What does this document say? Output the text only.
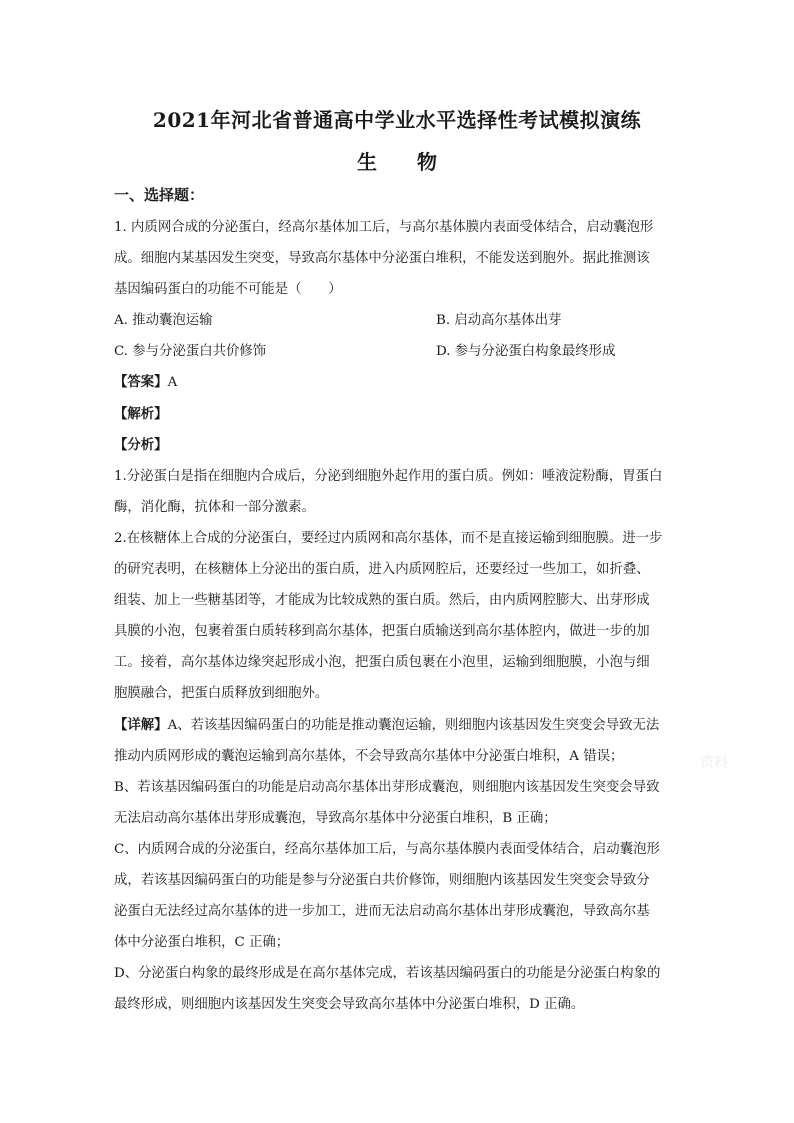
2021年河北省普通高中学业水平选择性考试模拟演练
生　　物
一、选择题：

1. 内质网合成的分泌蛋白，经高尔基体加工后，与高尔基体膜内表面受体结合，启动囊泡形

成。细胞内某基因发生突变，导致高尔基体中分泌蛋白堆积，不能发送到胞外。据此推测该

基因编码蛋白的功能不可能是（　　）

A. 推动囊泡运输	B. 启动高尔基体出芽
C. 参与分泌蛋白共价修饰	D. 参与分泌蛋白构象最终形成

【答案】A

【解析】

【分析】

1.分泌蛋白是指在细胞内合成后，分泌到细胞外起作用的蛋白质。例如：唾液淀粉酶，胃蛋白

酶，消化酶，抗体和一部分激素。

2.在核糖体上合成的分泌蛋白，要经过内质网和高尔基体，而不是直接运输到细胞膜。进一步

的研究表明，在核糖体上分泌出的蛋白质，进入内质网腔后，还要经过一些加工，如折叠、

组装、加上一些糖基团等，才能成为比较成熟的蛋白质。然后，由内质网腔膨大、出芽形成

具膜的小泡，包裹着蛋白质转移到高尔基体，把蛋白质输送到高尔基体腔内，做进一步的加

工。接着，高尔基体边缘突起形成小泡，把蛋白质包裹在小泡里，运输到细胞膜，小泡与细

胞膜融合，把蛋白质释放到细胞外。

【详解】A、若该基因编码蛋白的功能是推动囊泡运输，则细胞内该基因发生突变会导致无法

推动内质网形成的囊泡运输到高尔基体，不会导致高尔基体中分泌蛋白堆积，A 错误；

B、若该基因编码蛋白的功能是启动高尔基体出芽形成囊泡，则细胞内该基因发生突变会导致

无法启动高尔基体出芽形成囊泡，导致高尔基体中分泌蛋白堆积，B 正确；

C、内质网合成的分泌蛋白，经高尔基体加工后，与高尔基体膜内表面受体结合，启动囊泡形

成，若该基因编码蛋白的功能是参与分泌蛋白共价修饰，则细胞内该基因发生突变会导致分

泌蛋白无法经过高尔基体的进一步加工，进而无法启动高尔基体出芽形成囊泡，导致高尔基

体中分泌蛋白堆积，C 正确；

D、分泌蛋白构象的最终形成是在高尔基体完成，若该基因编码蛋白的功能是分泌蛋白构象的

最终形成，则细胞内该基因发生突变会导致高尔基体中分泌蛋白堆积，D 正确。

资料
